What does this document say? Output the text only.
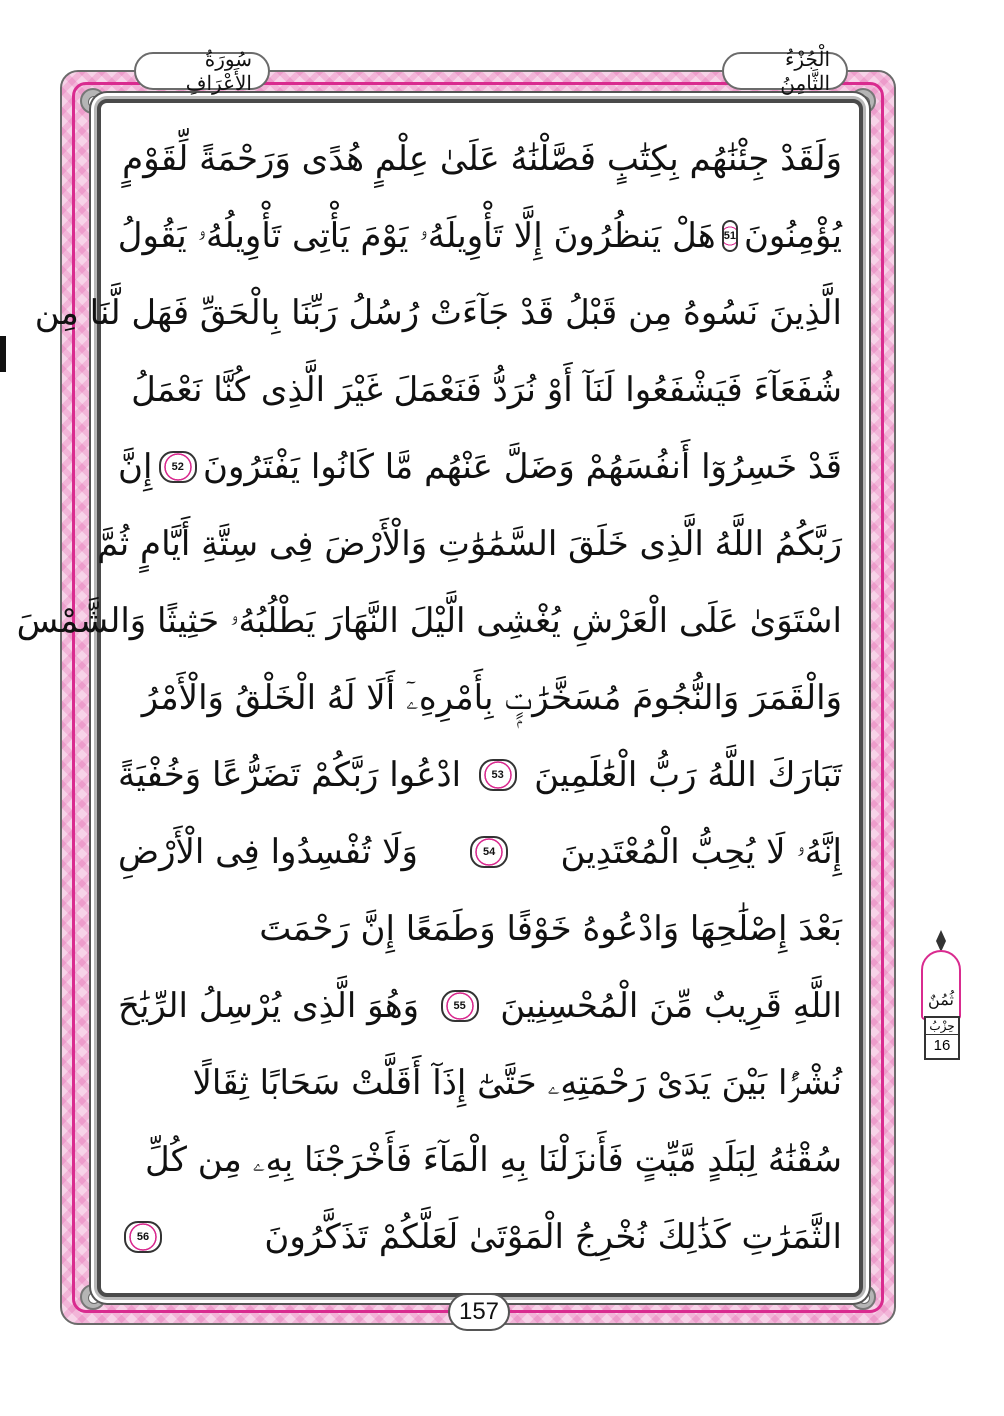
الْجُزْءُ الثَّامِنُ
سُورَةُ الأَعْرَافِ
وَلَقَدْ جِئْنَٰهُم بِكِتَٰبٍ فَصَّلْنَٰهُ عَلَىٰ عِلْمٍ هُدًى وَرَحْمَةً لِّقَوْمٍ
يُؤْمِنُونَ
51
هَلْ يَنظُرُونَ إِلَّا تَأْوِيلَهُۥ يَوْمَ يَأْتِى تَأْوِيلُهُۥ يَقُولُ
الَّذِينَ نَسُوهُ مِن قَبْلُ قَدْ جَآءَتْ رُسُلُ رَبِّنَا بِالْحَقِّ فَهَل لَّنَا مِن
شُفَعَآءَ فَيَشْفَعُوا لَنَآ أَوْ نُرَدُّ فَنَعْمَلَ غَيْرَ الَّذِى كُنَّا نَعْمَلُ
قَدْ خَسِرُوٓا أَنفُسَهُمْ وَضَلَّ عَنْهُم مَّا كَانُوا يَفْتَرُونَ
52
إِنَّ
رَبَّكُمُ اللَّهُ الَّذِى خَلَقَ السَّمَٰوَٰتِ وَالْأَرْضَ فِى سِتَّةِ أَيَّامٍ ثُمَّ
اسْتَوَىٰ عَلَى الْعَرْشِ يُغْشِى الَّيْلَ النَّهَارَ يَطْلُبُهُۥ حَثِيثًا وَالشَّمْسَ
وَالْقَمَرَ وَالنُّجُومَ مُسَخَّرَٰتٍۭ بِأَمْرِهِۦٓ أَلَا لَهُ الْخَلْقُ وَالْأَمْرُ
تَبَارَكَ اللَّهُ رَبُّ الْعَٰلَمِينَ
53
ادْعُوا رَبَّكُمْ تَضَرُّعًا وَخُفْيَةً
إِنَّهُۥ لَا يُحِبُّ الْمُعْتَدِينَ
54
وَلَا تُفْسِدُوا فِى الْأَرْضِ
بَعْدَ إِصْلَٰحِهَا وَادْعُوهُ خَوْفًا وَطَمَعًا إِنَّ رَحْمَتَ
اللَّهِ قَرِيبٌ مِّنَ الْمُحْسِنِينَ
55
وَهُوَ الَّذِى يُرْسِلُ الرِّيَٰحَ
نُشْرًۢا بَيْنَ يَدَىْ رَحْمَتِهِۦ حَتَّىٰٓ إِذَآ أَقَلَّتْ سَحَابًا ثِقَالًا
سُقْنَٰهُ لِبَلَدٍ مَّيِّتٍ فَأَنزَلْنَا بِهِ الْمَآءَ فَأَخْرَجْنَا بِهِۦ مِن كُلِّ
الثَّمَرَٰتِ كَذَٰلِكَ نُخْرِجُ الْمَوْتَىٰ لَعَلَّكُمْ تَذَكَّرُونَ
56
ثُمُنٌ
حِزْبُ
16
157
